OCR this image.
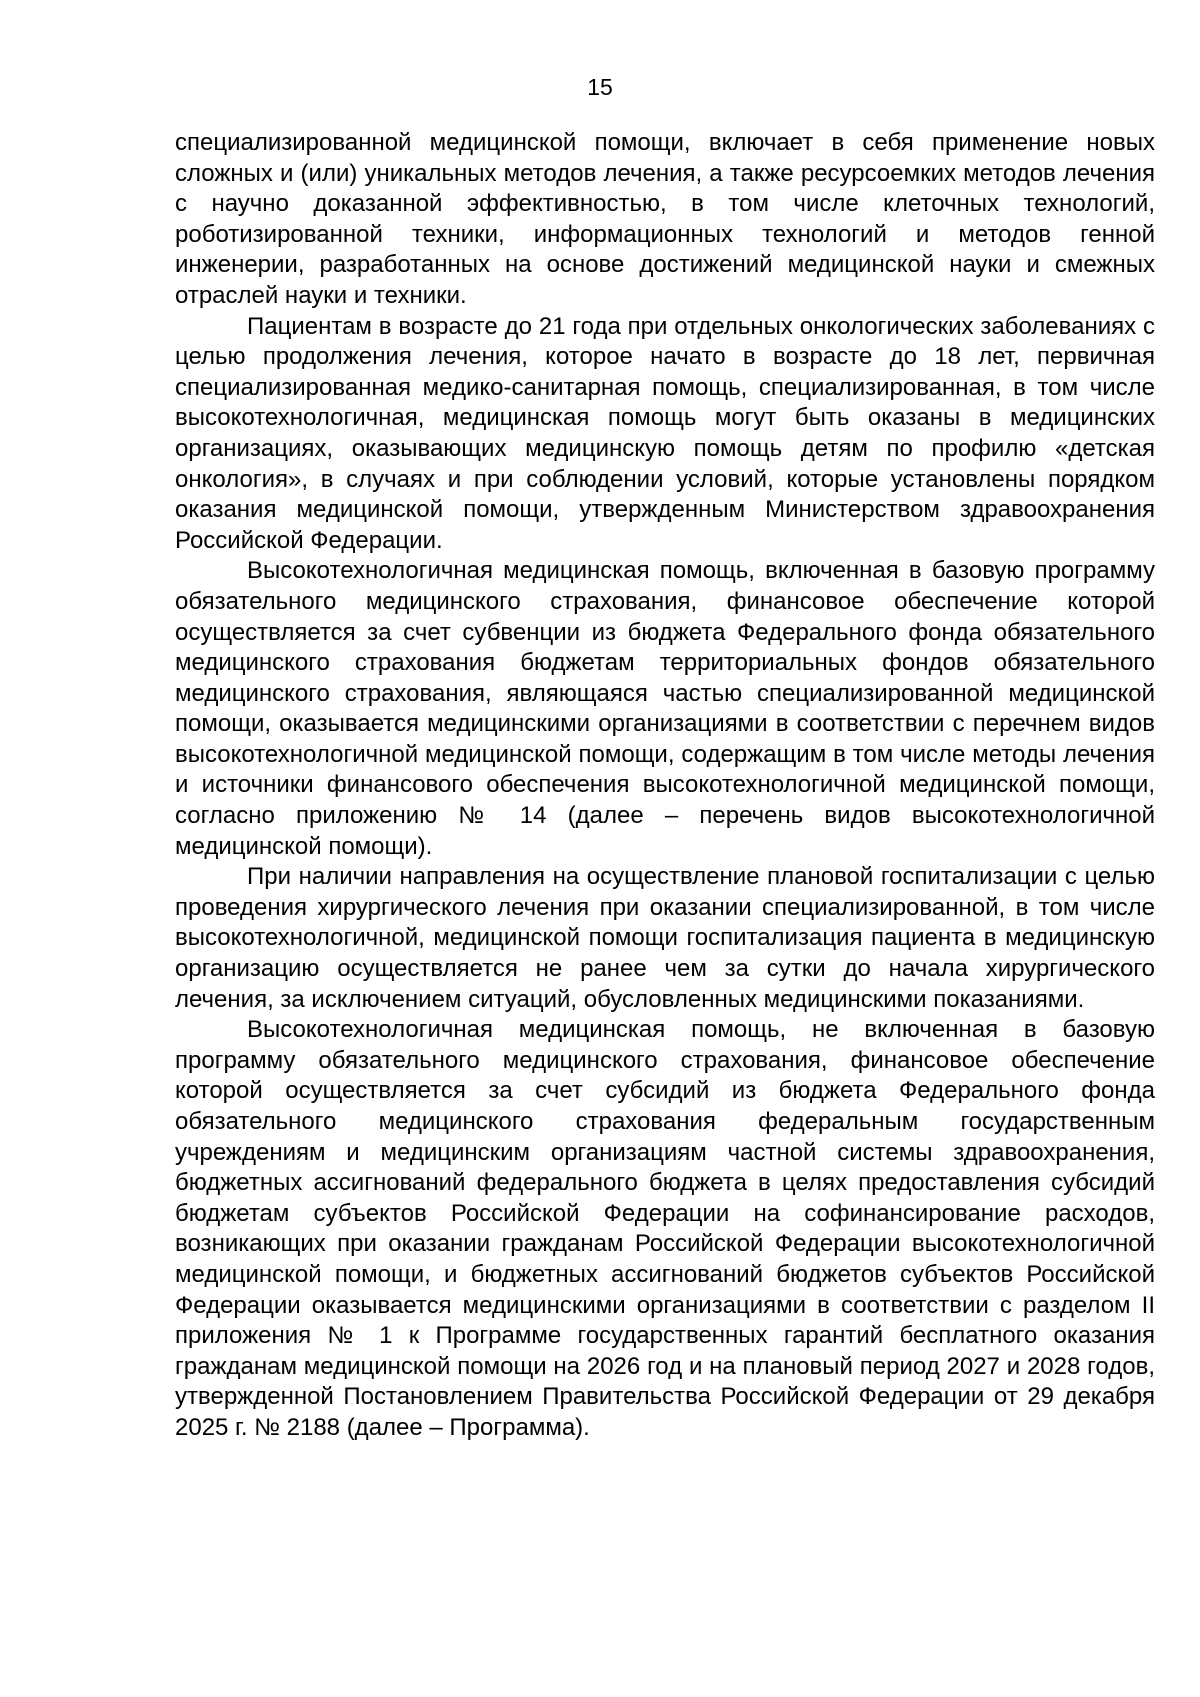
15

специализированной медицинской помощи, включает в себя применение новых сложных и (или) уникальных методов лечения, а также ресурсоемких методов лечения с научно доказанной эффективностью, в том числе клеточных технологий, роботизированной техники, информационных технологий и методов генной инженерии, разработанных на основе достижений медицинской науки и смежных отраслей науки и техники.

Пациентам в возрасте до 21 года при отдельных онкологических заболеваниях с целью продолжения лечения, которое начато в возрасте до 18 лет, первичная специализированная медико-санитарная помощь, специализированная, в том числе высокотехнологичная, медицинская помощь могут быть оказаны в медицинских организациях, оказывающих медицинскую помощь детям по профилю «детская онкология», в случаях и при соблюдении условий, которые установлены порядком оказания медицинской помощи, утвержденным Министерством здравоохранения Российской Федерации.

Высокотехнологичная медицинская помощь, включенная в базовую программу обязательного медицинского страхования, финансовое обеспечение которой осуществляется за счет субвенции из бюджета Федерального фонда обязательного медицинского страхования бюджетам территориальных фондов обязательного медицинского страхования, являющаяся частью специализированной медицинской помощи, оказывается медицинскими организациями в соответствии с перечнем видов высокотехнологичной медицинской помощи, содержащим в том числе методы лечения и источники финансового обеспечения высокотехнологичной медицинской помощи, согласно приложению № 14 (далее – перечень видов высокотехнологичной медицинской помощи).

При наличии направления на осуществление плановой госпитализации с целью проведения хирургического лечения при оказании специализированной, в том числе высокотехнологичной, медицинской помощи госпитализация пациента в медицинскую организацию осуществляется не ранее чем за сутки до начала хирургического лечения, за исключением ситуаций, обусловленных медицинскими показаниями.

Высокотехнологичная медицинская помощь, не включенная в базовую программу обязательного медицинского страхования, финансовое обеспечение которой осуществляется за счет субсидий из бюджета Федерального фонда обязательного медицинского страхования федеральным государственным учреждениям и медицинским организациям частной системы здравоохранения, бюджетных ассигнований федерального бюджета в целях предоставления субсидий бюджетам субъектов Российской Федерации на софинансирование расходов, возникающих при оказании гражданам Российской Федерации высокотехнологичной медицинской помощи, и бюджетных ассигнований бюджетов субъектов Российской Федерации оказывается медицинскими организациями в соответствии с разделом II приложения № 1 к Программе государственных гарантий бесплатного оказания гражданам медицинской помощи на 2026 год и на плановый период 2027 и 2028 годов, утвержденной Постановлением Правительства Российской Федерации от 29 декабря 2025 г. № 2188 (далее – Программа).
